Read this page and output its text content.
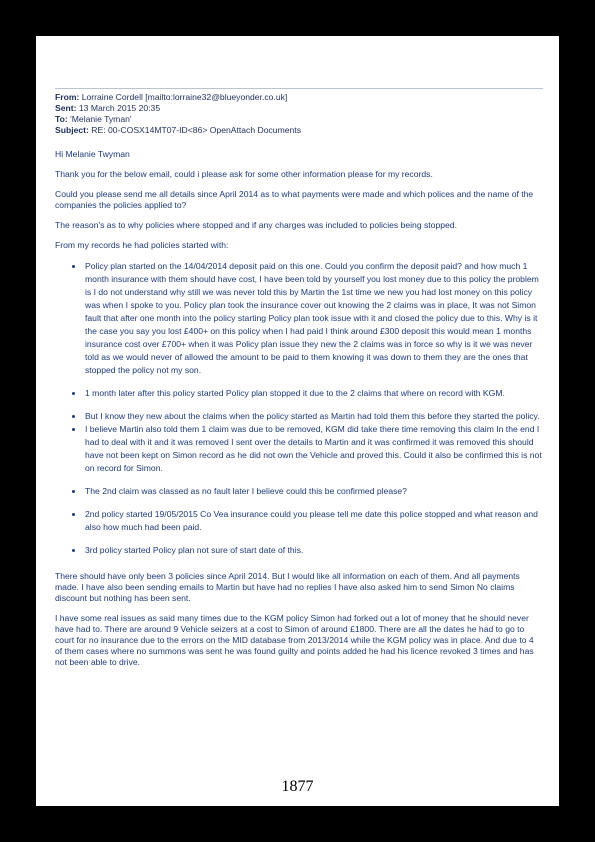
From: Lorraine Cordell [mailto:lorraine32@blueyonder.co.uk]
Sent: 13 March 2015 20:35
To: 'Melanie Tyman'
Subject: RE: 00-COSX14MT07-ID<86> OpenAttach Documents

Hi Melanie Twyman

Thank you for the below email, could i please ask for some other information please for my records.

Could you please send me all details since April 2014 as to what payments were made and which polices and the name of the companies the policies applied to?

The reason's as to why policies where stopped and if any charges was included to policies being stopped.

From my records he had policies started with:

Policy plan started on the 14/04/2014 deposit paid on this one. Could you confirm the deposit paid? and how much 1 month insurance with them should have cost, I have been told by yourself you lost money due to this policy the problem is I do not understand why still we was never told this by Martin the 1st time we new you had lost money on this policy was when I spoke to you. Policy plan took the insurance cover out knowing the 2 claims was in place, It was not Simon fault that after one month into the policy starting Policy plan took issue with it and closed the policy due to this. Why is it the case you say you lost £400+ on this policy when I had paid I think around £300 deposit this would mean 1 months insurance cost over £700+ when it was Policy plan issue they new the 2 claims was in force so why is it we was never told as we would never of allowed the amount to be paid to them knowing it was down to them they are the ones that stopped the policy not my son.
1 month later after this policy started Policy plan stopped it due to the 2 claims that where on record with KGM.
But I know they new about the claims when the policy started as Martin had told them this before they started the policy.
I believe Martin also told them 1 claim was due to be removed, KGM did take there time removing this claim In the end I had to deal with it and it was removed I sent over the details to Martin and it was confirmed it was removed this should have not been kept on Simon record as he did not own the Vehicle and proved this. Could it also be confirmed this is not on record for Simon.
The 2nd claim was classed as no fault later I believe could this be confirmed please?
2nd policy started 19/05/2015 Co Vea insurance could you please tell me date this police stopped and what reason and also how much had been paid.
3rd policy started Policy plan not sure of start date of this.

There should have only been 3 policies since April 2014. But I would like all information on each of them. And all payments made. I have also been sending emails to Martin but have had no replies I have also asked him to send Simon No claims discount but nothing has been sent.

I have some real issues as said many times due to the KGM policy Simon had forked out a lot of money that he should never have had to. There are around 9 Vehicle seizers at a cost to Simon of around £1800. There are all the dates he had to go to court for no insurance due to the errors on the MID database from 2013/2014 while the KGM policy was in place. And due to 4 of them cases where no summons was sent he was found guilty and points added he had his licence revoked 3 times and has not been able to drive.

1877
